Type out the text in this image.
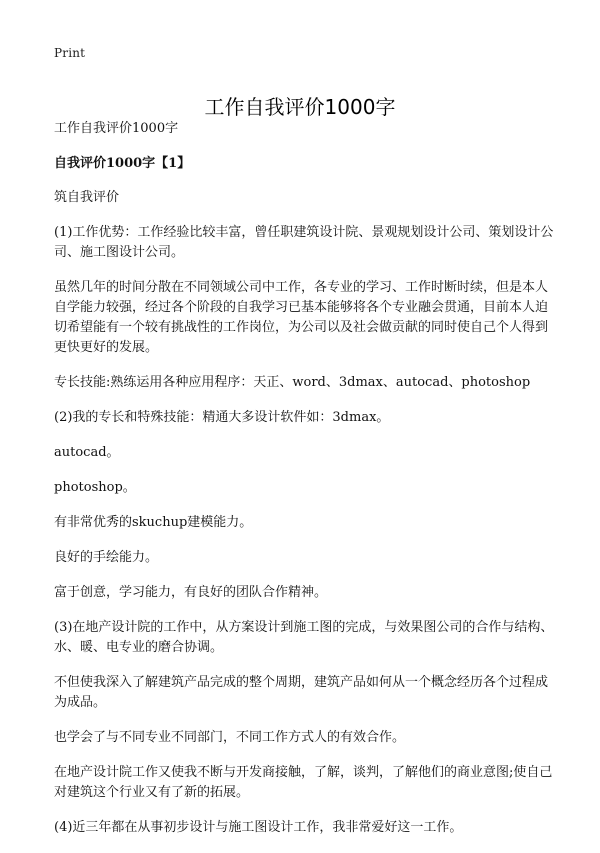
Print
工作自我评价1000字

工作自我评价1000字

自我评价1000字【1】

筑自我评价

(1)工作优势：工作经验比较丰富，曾任职建筑设计院、景观规划设计公司、策划设计公司、施工图设计公司。

虽然几年的时间分散在不同领域公司中工作，各专业的学习、工作时断时续，但是本人自学能力较强，经过各个阶段的自我学习已基本能够将各个专业融会贯通，目前本人迫切希望能有一个较有挑战性的工作岗位，为公司以及社会做贡献的同时使自己个人得到更快更好的发展。

专长技能:熟练运用各种应用程序：天正、word、3dmax、autocad、photoshop

(2)我的专长和特殊技能：精通大多设计软件如：3dmax。

autocad。

photoshop。

有非常优秀的skuchup建模能力。

良好的手绘能力。

富于创意，学习能力，有良好的团队合作精神。

(3)在地产设计院的工作中，从方案设计到施工图的完成，与效果图公司的合作与结构、水、暖、电专业的磨合协调。

不但使我深入了解建筑产品完成的整个周期，建筑产品如何从一个概念经历各个过程成为成品。

也学会了与不同专业不同部门，不同工作方式人的有效合作。

在地产设计院工作又使我不断与开发商接触，了解，谈判，了解他们的商业意图;使自己对建筑这个行业又有了新的拓展。

(4)近三年都在从事初步设计与施工图设计工作，我非常爱好这一工作。
